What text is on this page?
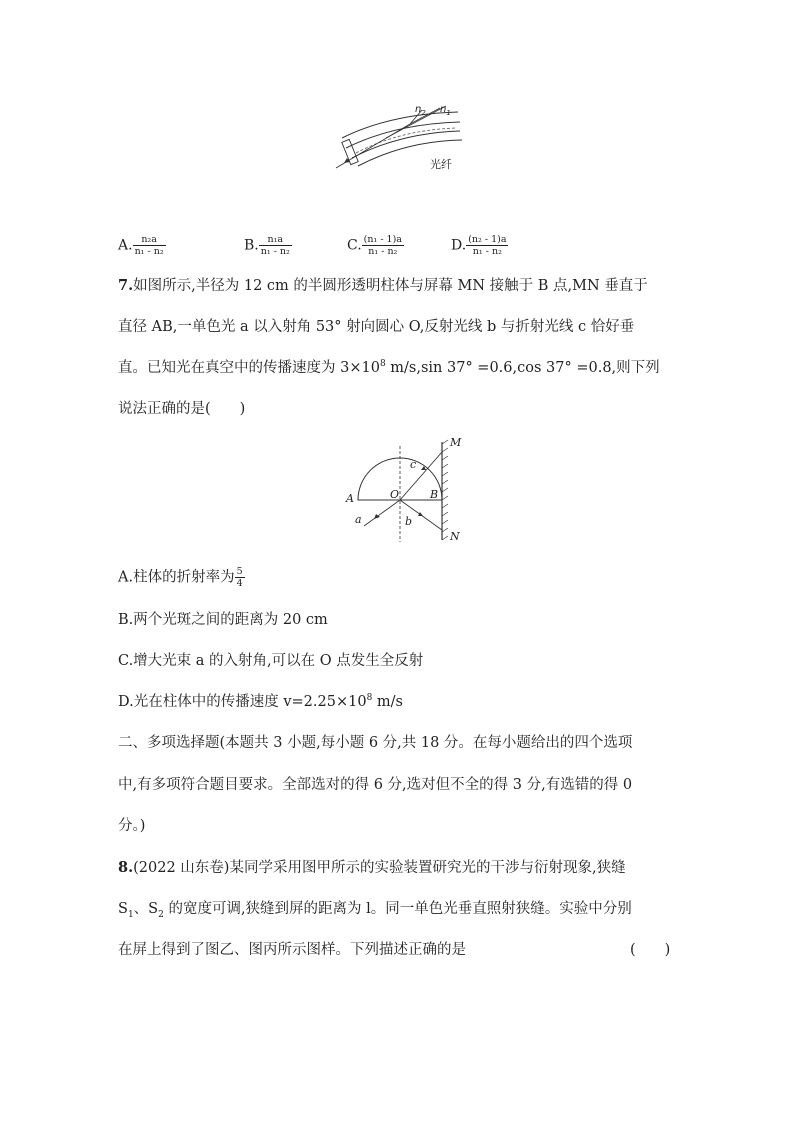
$n_2$ $n_1$
光纤
A. $\frac{\text{n₂a}}{\text{n₁ - n₂}}$	B. $\frac{\text{n₁a}}{\text{n₁ - n₂}}$	C. $\frac{\text{(n₁ - 1)a}}{\text{n₁ - n₂}}$	D. $\frac{\text{(n₂ - 1)a}}{\text{n₁ - n₂}}$
7.如图所示,半径为 12 cm 的半圆形透明柱体与屏幕 MN 接触于 B 点,MN 垂直于
直径 AB,一单色光 a 以入射角 53° 射向圆心 O,反射光线 b 与折射光线 c 恰好垂
直。已知光在真空中的传播速度为 $3\times 10^8$ m/s,sin 37° =0.6,cos 37° =0.8,则下列
说法正确的是(　　)
M
N
A	O	B
a	b
c
A.柱体的折射率为 $\frac{5}{4}$
B.两个光斑之间的距离为 20 cm
C.增大光束 a 的入射角,可以在 O 点发生全反射
D.光在柱体中的传播速度 $v=2.25\times 10^8$ m/s
二、多项选择题(本题共 3 小题,每小题 6 分,共 18 分。在每小题给出的四个选项
中,有多项符合题目要求。全部选对的得 6 分,选对但不全的得 3 分,有选错的得 0
分。)
8.(2022 山东卷)某同学采用图甲所示的实验装置研究光的干涉与衍射现象,狭缝
$S_1$、$S_2$ 的宽度可调,狭缝到屏的距离为 l。同一单色光垂直照射狭缝。实验中分别
在屏上得到了图乙、图丙所示图样。下列描述正确的是	(　　)
